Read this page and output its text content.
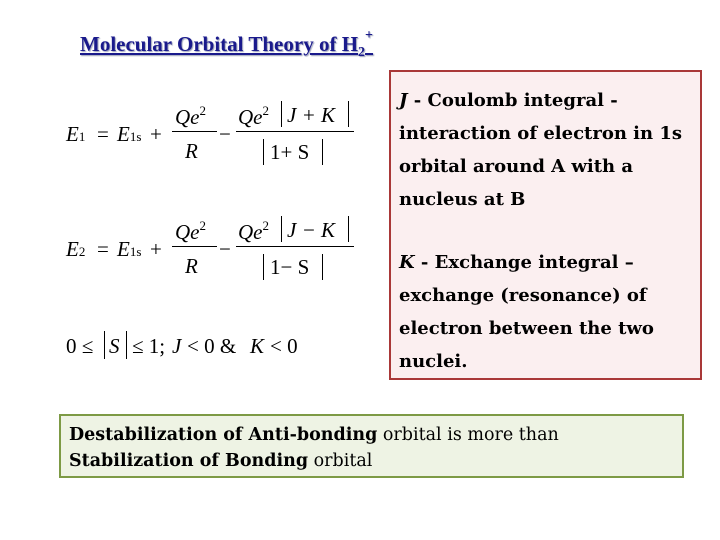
Molecular Orbital Theory of $H_2^+$
E1 = E1s +
$Qe^2$
R
−
$Qe^2$ J + K
1+ S
E2 = E1s +
$Qe^2$
R
−
$Qe^2$ J − K
1− S
0 ≤ S ≤ 1; J < 0 & K < 0

J - Coulomb integral - interaction of electron in 1s orbital around A with a nucleus at B

K - Exchange integral – exchange (resonance) of electron between the two nuclei.

Destabilization of Anti-bonding orbital is more than
Stabilization of Bonding orbital
